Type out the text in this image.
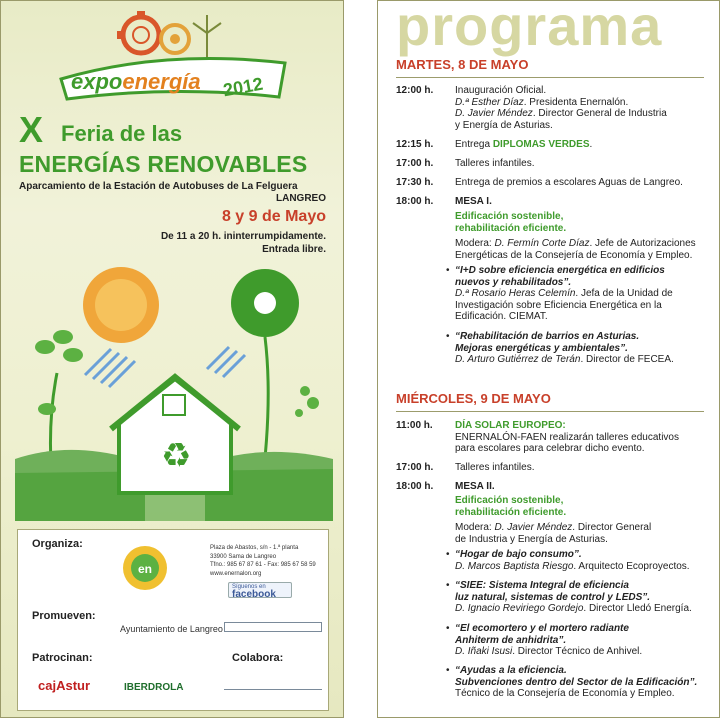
expoenergía 2012
X Feria de las
ENERGÍAS RENOVABLES
Aparcamiento de la Estación de Autobuses de La Felguera
LANGREO
8 y 9 de Mayo
De 11 a 20 h. ininterrumpidamente.
Entrada libre.
♻
Organiza:
en
Plaza de Abastos, s/n - 1.ª planta
33900 Sama de Langreo
Tfno.: 985 67 87 61 - Fax: 985 67 58 59
www.enernalon.org
Síguenos en
facebook
Promueven:
Ayuntamiento de Langreo
Patrocinan:	Colabora:
cajAstur	IBERDROLA
programa
MARTES, 8 DE MAYO
12:00 h. Inauguración Oficial.
D.ª Esther Díaz. Presidenta Enernalón.
D. Javier Méndez. Director General de Industria
y Energía de Asturias.
12:15 h. Entrega DIPLOMAS VERDES.
17:00 h. Talleres infantiles.
17:30 h. Entrega de premios a escolares Aguas de Langreo.
18:00 h. MESA I.
Edificación sostenible,
rehabilitación eficiente.
Modera: D. Fermín Corte Díaz. Jefe de Autorizaciones
Energéticas de la Consejería de Economía y Empleo.
• “I+D sobre eficiencia energética en edificios
nuevos y rehabilitados”.
D.ª Rosario Heras Celemín. Jefa de la Unidad de
Investigación sobre Eficiencia Energética en la
Edificación. CIEMAT.
• “Rehabilitación de barrios en Asturias.
Mejoras energéticas y ambientales”.
D. Arturo Gutiérrez de Terán. Director de FECEA.
MIÉRCOLES, 9 DE MAYO
11:00 h. DÍA SOLAR EUROPEO:
ENERNALÓN-FAEN realizarán talleres educativos
para escolares para celebrar dicho evento.
17:00 h. Talleres infantiles.
18:00 h. MESA II.
Edificación sostenible,
rehabilitación eficiente.
Modera: D. Javier Méndez. Director General
de Industria y Energía de Asturias.
• “Hogar de bajo consumo”.
D. Marcos Baptista Riesgo. Arquitecto Ecoproyectos.
• “SIEE: Sistema Integral de eficiencia
luz natural, sistemas de control y LEDS”.
D. Ignacio Reviriego Gordejo. Director Lledó Energía.
• “El ecomortero y el mortero radiante
Anhiterm de anhidrita”.
D. Iñaki Isusi. Director Técnico de Anhivel.
• “Ayudas a la eficiencia.
Subvenciones dentro del Sector de la Edificación”.
Técnico de la Consejería de Economía y Empleo.
